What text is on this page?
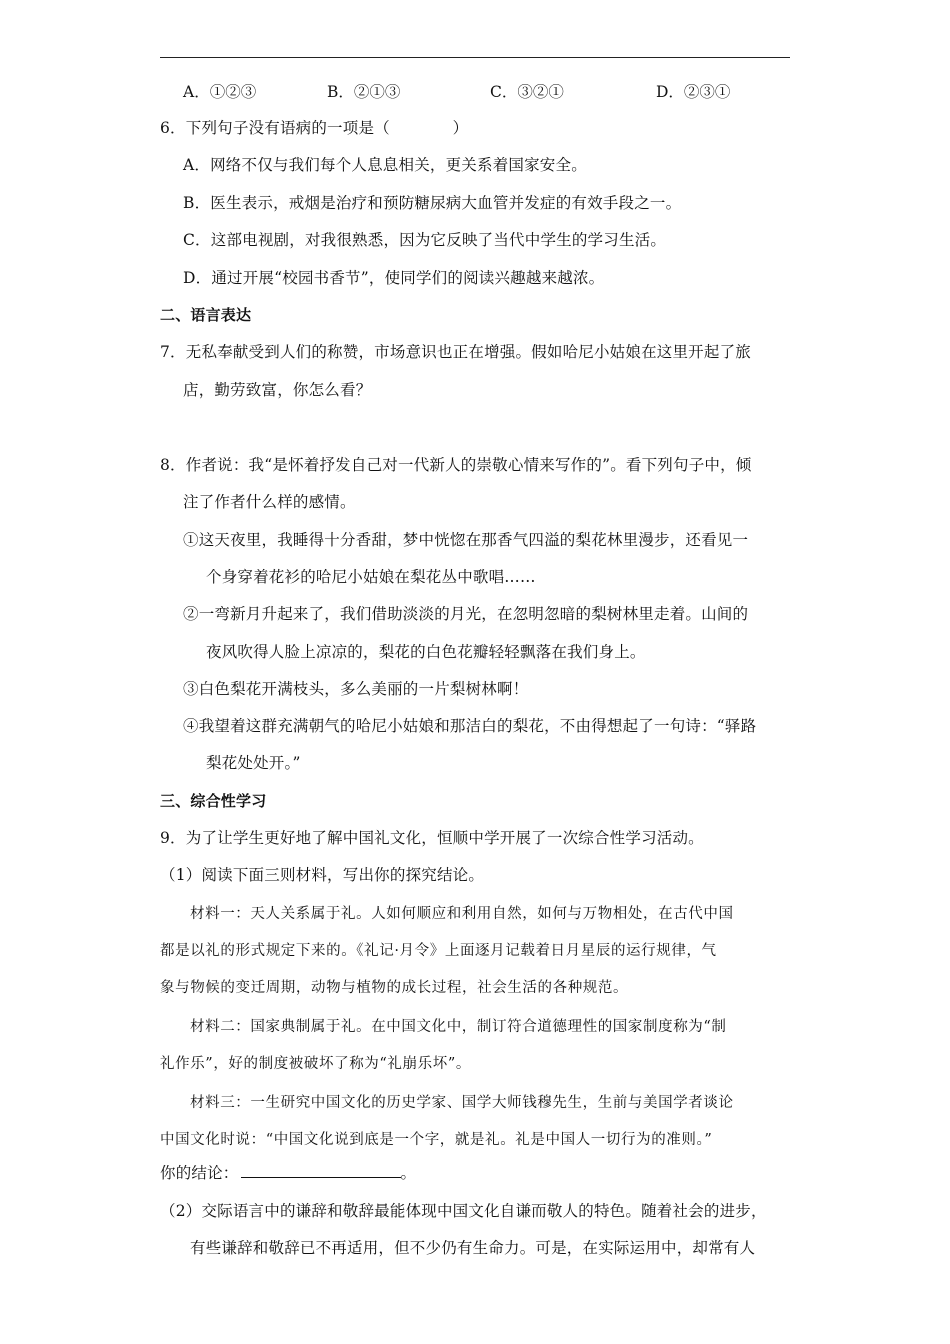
A．①②③	B．②①③	C．③②①	D．②③①
6．下列句子没有语病的一项是（　　　　）
A．网络不仅与我们每个人息息相关，更关系着国家安全。
B．医生表示，戒烟是治疗和预防糖尿病大血管并发症的有效手段之一。
C．这部电视剧，对我很熟悉，因为它反映了当代中学生的学习生活。
D．通过开展“校园书香节”，使同学们的阅读兴趣越来越浓。
二、语言表达
7．无私奉献受到人们的称赞，市场意识也正在增强。假如哈尼小姑娘在这里开起了旅
店，勤劳致富，你怎么看？
8．作者说：我“是怀着抒发自己对一代新人的崇敬心情来写作的”。看下列句子中，倾
注了作者什么样的感情。
①这天夜里，我睡得十分香甜，梦中恍惚在那香气四溢的梨花林里漫步，还看见一
个身穿着花衫的哈尼小姑娘在梨花丛中歌唱……
②一弯新月升起来了，我们借助淡淡的月光，在忽明忽暗的梨树林里走着。山间的
夜风吹得人脸上凉凉的，梨花的白色花瓣轻轻飘落在我们身上。
③白色梨花开满枝头，多么美丽的一片梨树林啊！
④我望着这群充满朝气的哈尼小姑娘和那洁白的梨花，不由得想起了一句诗：“驿路
梨花处处开。”
三、综合性学习
9．为了让学生更好地了解中国礼文化，恒顺中学开展了一次综合性学习活动。
（1）阅读下面三则材料，写出你的探究结论。
材料一：天人关系属于礼。人如何顺应和利用自然，如何与万物相处，在古代中国
都是以礼的形式规定下来的。《礼记·月令》上面逐月记载着日月星辰的运行规律，气
象与物候的变迁周期，动物与植物的成长过程，社会生活的各种规范。
材料二：国家典制属于礼。在中国文化中，制订符合道德理性的国家制度称为“制
礼作乐”，好的制度被破坏了称为“礼崩乐坏”。
材料三：一生研究中国文化的历史学家、国学大师钱穆先生，生前与美国学者谈论
中国文化时说：“中国文化说到底是一个字，就是礼。礼是中国人一切行为的准则。”
你的结论：	。
（2）交际语言中的谦辞和敬辞最能体现中国文化自谦而敬人的特色。随着社会的进步，
有些谦辞和敬辞已不再适用，但不少仍有生命力。可是，在实际运用中，却常有人
